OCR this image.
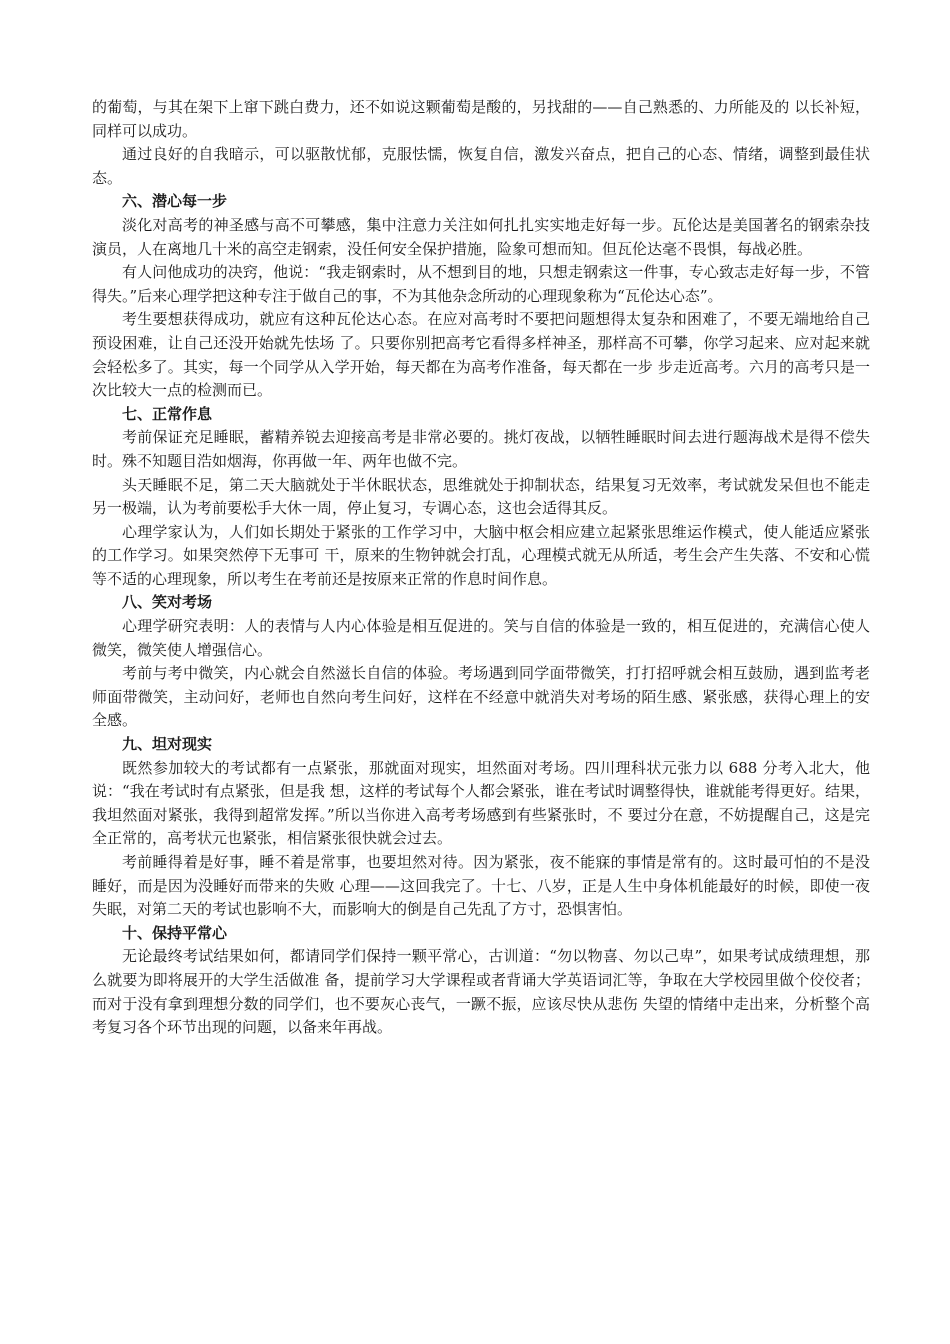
的葡萄，与其在架下上窜下跳白费力，还不如说这颗葡萄是酸的，另找甜的——自己熟悉的、力所能及的 以长补短，同样可以成功。

通过良好的自我暗示，可以驱散忧郁，克服怯懦，恢复自信，激发兴奋点，把自己的心态、情绪，调整到最佳状态。

六、潜心每一步

淡化对高考的神圣感与高不可攀感，集中注意力关注如何扎扎实实地走好每一步。瓦伦达是美国著名的钢索杂技演员，人在离地几十米的高空走钢索，没任何安全保护措施，险象可想而知。但瓦伦达毫不畏惧，每战必胜。

有人问他成功的决窍，他说：“我走钢索时，从不想到目的地，只想走钢索这一件事，专心致志走好每一步，不管得失。”后来心理学把这种专注于做自己的事，不为其他杂念所动的心理现象称为“瓦伦达心态”。

考生要想获得成功，就应有这种瓦伦达心态。在应对高考时不要把问题想得太复杂和困难了，不要无端地给自己预设困难，让自己还没开始就先怯场 了。只要你别把高考它看得多样神圣，那样高不可攀，你学习起来、应对起来就会轻松多了。其实，每一个同学从入学开始，每天都在为高考作准备，每天都在一步 步走近高考。六月的高考只是一次比较大一点的检测而已。

七、正常作息

考前保证充足睡眠，蓄精养锐去迎接高考是非常必要的。挑灯夜战，以牺牲睡眠时间去进行题海战术是得不偿失时。殊不知题目浩如烟海，你再做一年、两年也做不完。

头天睡眠不足，第二天大脑就处于半休眠状态，思维就处于抑制状态，结果复习无效率，考试就发呆但也不能走另一极端，认为考前要松手大休一周，停止复习，专调心态，这也会适得其反。

心理学家认为，人们如长期处于紧张的工作学习中，大脑中枢会相应建立起紧张思维运作模式，使人能适应紧张的工作学习。如果突然停下无事可 干，原来的生物钟就会打乱，心理模式就无从所适，考生会产生失落、不安和心慌等不适的心理现象，所以考生在考前还是按原来正常的作息时间作息。

八、笑对考场

心理学研究表明：人的表情与人内心体验是相互促进的。笑与自信的体验是一致的，相互促进的，充满信心使人微笑，微笑使人增强信心。

考前与考中微笑，内心就会自然滋长自信的体验。考场遇到同学面带微笑，打打招呼就会相互鼓励，遇到监考老师面带微笑，主动问好，老师也自然向考生问好，这样在不经意中就消失对考场的陌生感、紧张感，获得心理上的安全感。

九、坦对现实

既然参加较大的考试都有一点紧张，那就面对现实，坦然面对考场。四川理科状元张力以 688 分考入北大，他说：“我在考试时有点紧张，但是我 想，这样的考试每个人都会紧张，谁在考试时调整得快，谁就能考得更好。结果，我坦然面对紧张，我得到超常发挥。”所以当你进入高考考场感到有些紧张时，不 要过分在意，不妨提醒自己，这是完全正常的，高考状元也紧张，相信紧张很快就会过去。

考前睡得着是好事，睡不着是常事，也要坦然对待。因为紧张，夜不能寐的事情是常有的。这时最可怕的不是没睡好，而是因为没睡好而带来的失败 心理——这回我完了。十七、八岁，正是人生中身体机能最好的时候，即使一夜失眠，对第二天的考试也影响不大，而影响大的倒是自己先乱了方寸，恐惧害怕。

十、保持平常心

无论最终考试结果如何，都请同学们保持一颗平常心，古训道：“勿以物喜、勿以己卑”，如果考试成绩理想，那么就要为即将展开的大学生活做准 备，提前学习大学课程或者背诵大学英语词汇等，争取在大学校园里做个佼佼者；而对于没有拿到理想分数的同学们，也不要灰心丧气，一蹶不振，应该尽快从悲伤 失望的情绪中走出来，分析整个高考复习各个环节出现的问题，以备来年再战。
